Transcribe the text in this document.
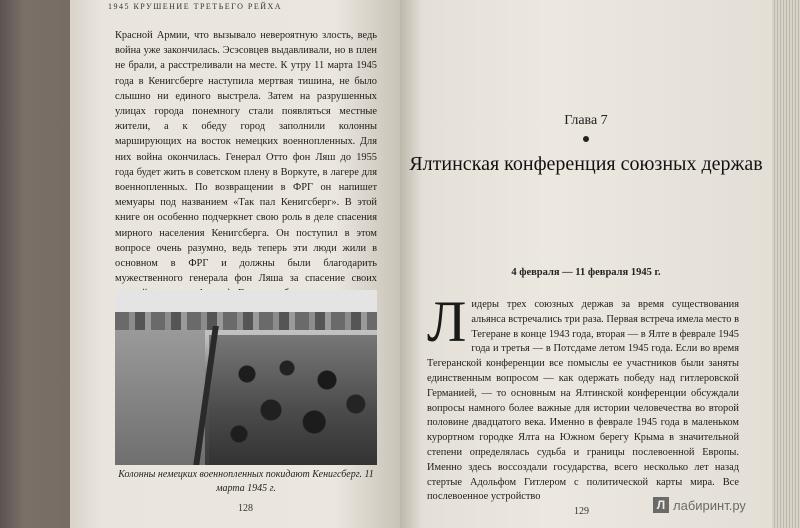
1945 КРУШЕНИЕ ТРЕТЬЕГО РЕЙХА

Красной Армии, что вызывало невероятную злость, ведь война уже закончилась. Эсэсовцев выдавливали, но в плен не брали, а расстреливали на месте. К утру 11 марта 1945 года в Кенигсберге наступила мертвая тишина, не было слышно ни единого выстрела. Затем на разрушенных улицах города понемногу стали появляться местные жители, а к обеду город заполнили колонны марширующих на восток немецких военнопленных. Для них война окончилась. Генерал Отто фон Ляш до 1955 года будет жить в советском плену в Воркуте, в лагере для военнопленных. По возвращении в ФРГ он напишет мемуары под названием «Так пал Кенигсберг». В этой книге он особенно подчеркнет свою роль в деле спасения мирного населения Кенигсберга. Он поступил в этом вопросе очень разумно, ведь теперь эти люди жили в основном в ФРГ и должны были благодарить мужественного генерала фон Ляша за спасение своих

Колонны немецких военнопленных покидают Кенигсберг. 11 марта 1945 г.

128
Глава 7
Ялтинская конференция союзных держав
4 февраля — 11 февраля 1945 г.

Лидеры трех союзных держав за время существования альянса встречались три раза. Первая встреча имела место в Тегеране в конце 1943 года, вторая — в Ялте в феврале 1945 года и третья — в Потсдаме летом 1945 года. Если во время Тегеранской конференции все помыслы ее участников были заняты единственным вопросом — как одержать победу над гитлеровской Германией, — то основным на Ялтинской конференции обсуждали вопросы намного более важные для истории человечества во второй половине двадцатого века. Именно в феврале 1945 года в маленьком курортном городке Ялта на Южном берегу Крыма в значительной степени определялась судьба и границы послевоенной Европы. Именно здесь воссоздали государства, всего несколько лет назад стертые Адольфом Гитлером с политической карты мира. Все послевоенное устройство

129	Л лабиринт.ру
